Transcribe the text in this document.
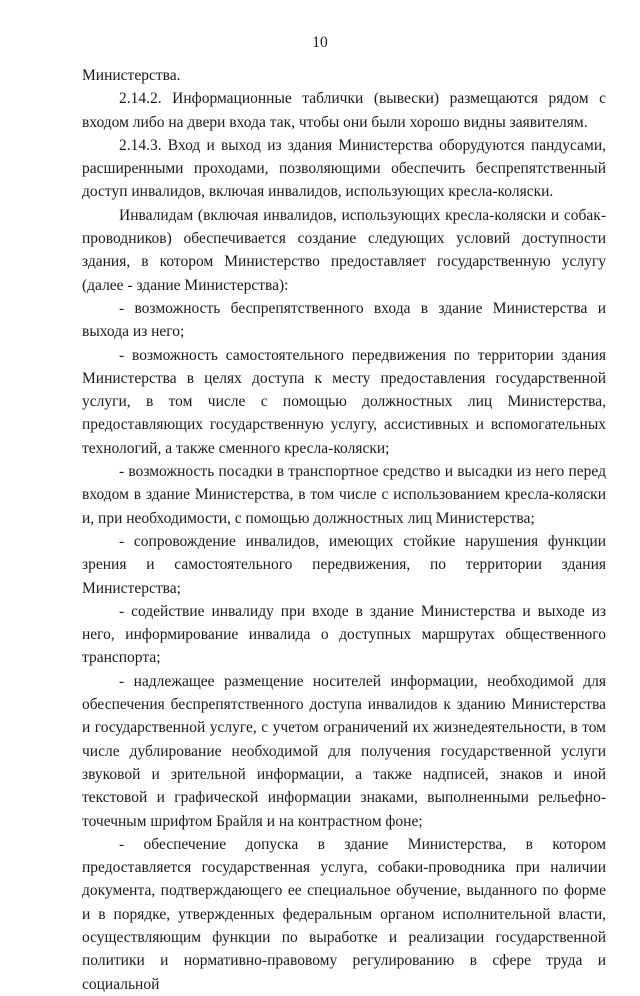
10

Министерства.

2.14.2. Информационные таблички (вывески) размещаются рядом с входом либо на двери входа так, чтобы они были хорошо видны заявителям.

2.14.3. Вход и выход из здания Министерства оборудуются пандусами, расширенными проходами, позволяющими обеспечить беспрепятственный доступ инвалидов, включая инвалидов, использующих кресла-коляски.

Инвалидам (включая инвалидов, использующих кресла-коляски и собак-проводников) обеспечивается создание следующих условий доступности здания, в котором Министерство предоставляет государственную услугу (далее - здание Министерства):

- возможность беспрепятственного входа в здание Министерства и выхода из него;

- возможность самостоятельного передвижения по территории здания Министерства в целях доступа к месту предоставления государственной услуги, в том числе с помощью должностных лиц Министерства, предоставляющих государственную услугу, ассистивных и вспомогательных технологий, а также сменного кресла-коляски;

- возможность посадки в транспортное средство и высадки из него перед входом в здание Министерства, в том числе с использованием кресла-коляски и, при необходимости, с помощью должностных лиц Министерства;

- сопровождение инвалидов, имеющих стойкие нарушения функции зрения и самостоятельного передвижения, по территории здания Министерства;

- содействие инвалиду при входе в здание Министерства и выходе из него, информирование инвалида о доступных маршрутах общественного транспорта;

- надлежащее размещение носителей информации, необходимой для обеспечения беспрепятственного доступа инвалидов к зданию Министерства и государственной услуге, с учетом ограничений их жизнедеятельности, в том числе дублирование необходимой для получения государственной услуги звуковой и зрительной информации, а также надписей, знаков и иной текстовой и графической информации знаками, выполненными рельефно-точечным шрифтом Брайля и на контрастном фоне;

- обеспечение допуска в здание Министерства, в котором предоставляется государственная услуга, собаки-проводника при наличии документа, подтверждающего ее специальное обучение, выданного по форме и в порядке, утвержденных федеральным органом исполнительной власти, осуществляющим функции по выработке и реализации государственной политики и нормативно-правовому регулированию в сфере труда и социальной
